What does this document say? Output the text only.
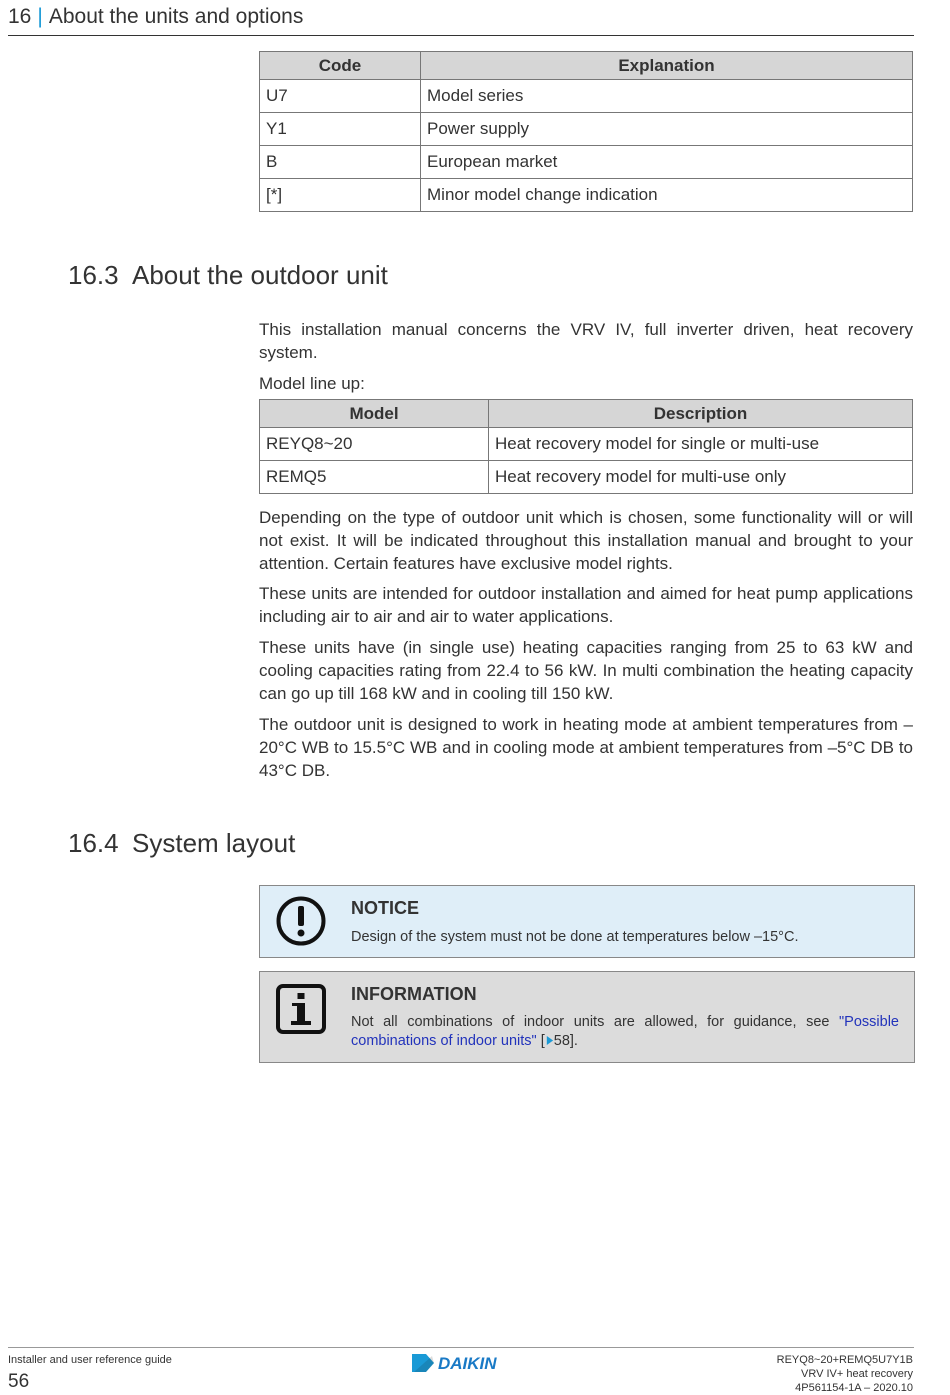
16 | About the units and options
Code	Explanation
U7	Model series
Y1	Power supply
B	European market
[*]	Minor model change indication
16.3 About the outdoor unit

This installation manual concerns the VRV IV, full inverter driven, heat recovery system.

Model line up:

Model	Description
REYQ8~20	Heat recovery model for single or multi-use
REMQ5	Heat recovery model for multi-use only

Depending on the type of outdoor unit which is chosen, some functionality will or will not exist. It will be indicated throughout this installation manual and brought to your attention. Certain features have exclusive model rights.

These units are intended for outdoor installation and aimed for heat pump applications including air to air and air to water applications.

These units have (in single use) heating capacities ranging from 25 to 63 kW and cooling capacities rating from 22.4 to 56 kW. In multi combination the heating capacity can go up till 168 kW and in cooling till 150 kW.

The outdoor unit is designed to work in heating mode at ambient temperatures from –20°C WB to 15.5°C WB and in cooling mode at ambient temperatures from –5°C DB to 43°C DB.

16.4 System layout
NOTICE
Design of the system must not be done at temperatures below –15°C.
INFORMATION
Not all combinations of indoor units are allowed, for guidance, see "Possible combinations of indoor units" [ 58].
Installer and user reference guide
56
DAIKIN	REYQ8~20+REMQ5U7Y1B
VRV IV+ heat recovery
4P561154-1A – 2020.10
